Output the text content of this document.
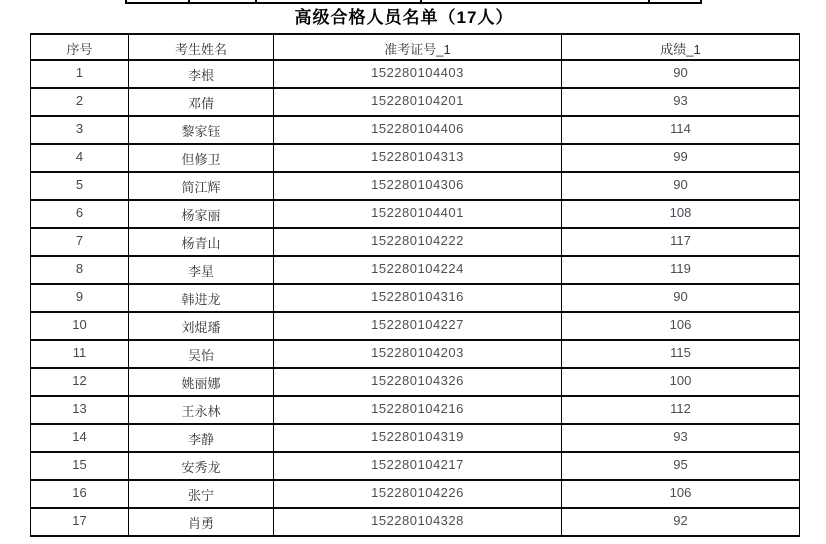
高级合格人员名单（17人）
序号	考生姓名	准考证号_1	成绩_1
1	李根	152280104403	90
2	邓倩	152280104201	93
3	黎家钰	152280104406	114
4	但修卫	152280104313	99
5	简江辉	152280104306	90
6	杨家丽	152280104401	108
7	杨青山	152280104222	117
8	李星	152280104224	119
9	韩进龙	152280104316	90
10	刘焜璠	152280104227	106
11	吴怡	152280104203	115
12	姚丽娜	152280104326	100
13	王永林	152280104216	112
14	李静	152280104319	93
15	安秀龙	152280104217	95
16	张宁	152280104226	106
17	肖勇	152280104328	92
